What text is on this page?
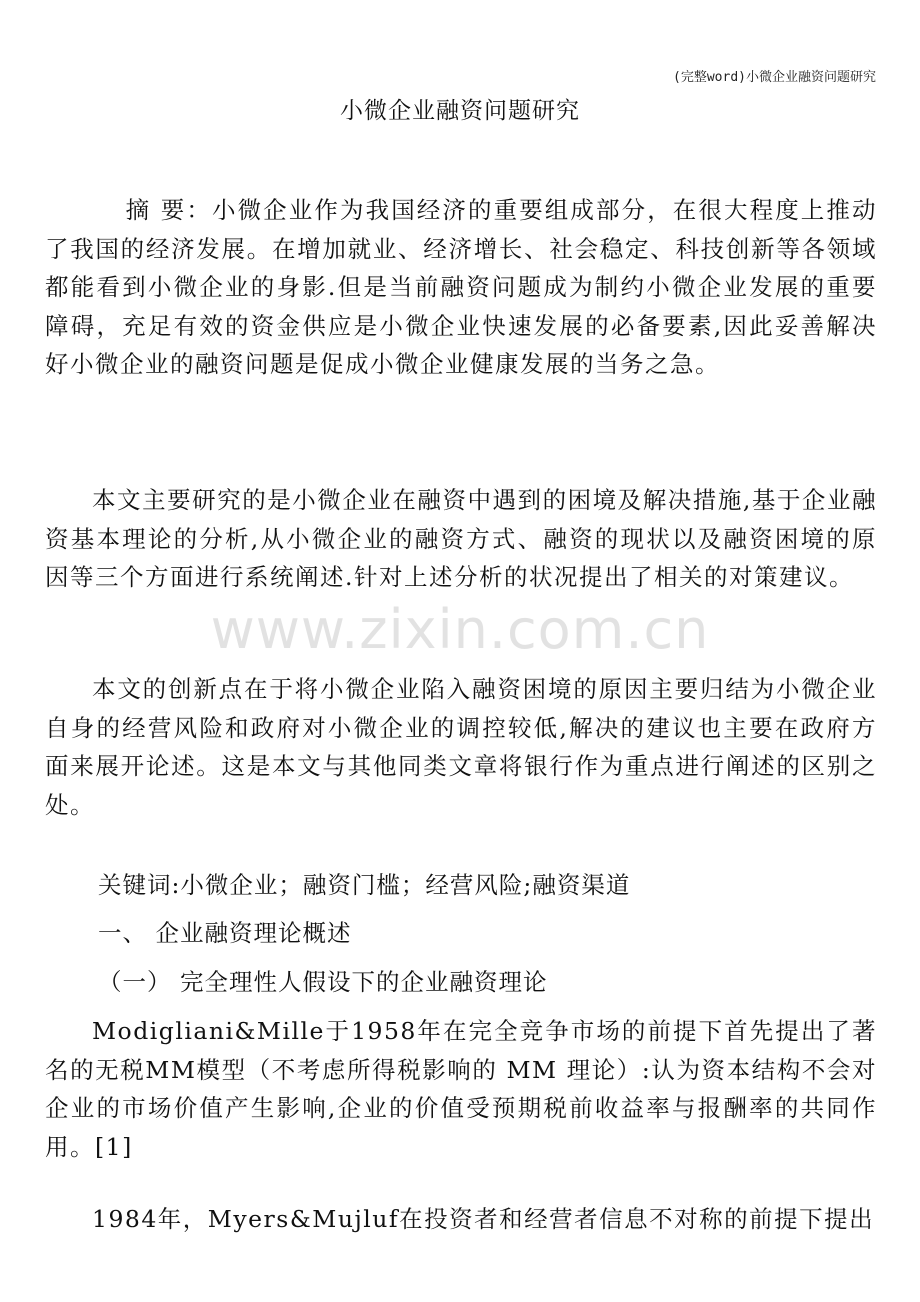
(完整word)小微企业融资问题研究
小微企业融资问题研究

摘 要：小微企业作为我国经济的重要组成部分，在很大程度上推动了我国的经济发展。在增加就业、经济增长、社会稳定、科技创新等各领域都能看到小微企业的身影.但是当前融资问题成为制约小微企业发展的重要障碍，充足有效的资金供应是小微企业快速发展的必备要素,因此妥善解决好小微企业的融资问题是促成小微企业健康发展的当务之急。

本文主要研究的是小微企业在融资中遇到的困境及解决措施,基于企业融资基本理论的分析,从小微企业的融资方式、融资的现状以及融资困境的原因等三个方面进行系统阐述.针对上述分析的状况提出了相关的对策建议。

本文的创新点在于将小微企业陷入融资困境的原因主要归结为小微企业自身的经营风险和政府对小微企业的调控较低,解决的建议也主要在政府方面来展开论述。这是本文与其他同类文章将银行作为重点进行阐述的区别之处。

关键词:小微企业；融资门槛；经营风险;融资渠道
一、 企业融资理论概述
（一） 完全理性人假设下的企业融资理论

Modigliani&Mille于1958年在完全竞争市场的前提下首先提出了著名的无税MM模型（不考虑所得税影响的 MM 理论）:认为资本结构不会对企业的市场价值产生影响,企业的价值受预期税前收益率与报酬率的共同作用。[1]

1984年，Myers&Mujluf在投资者和经营者信息不对称的前提下提出

www.zixin.com.cn
